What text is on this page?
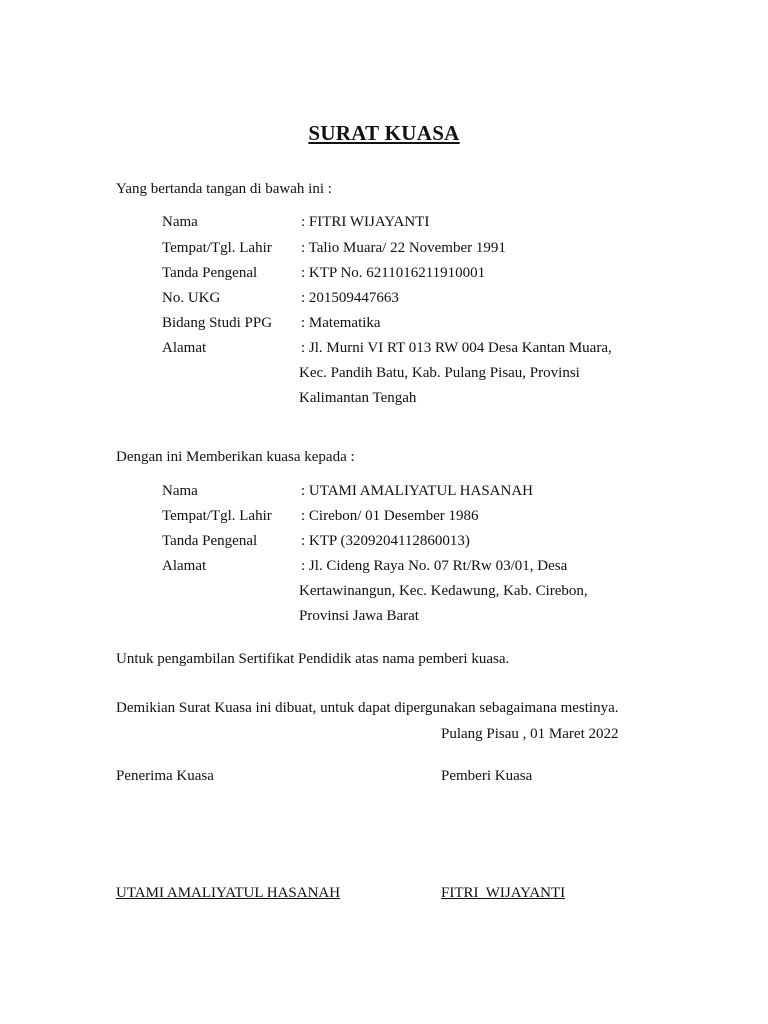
SURAT KUASA
Yang bertanda tangan di bawah ini :
Nama	: FITRI WIJAYANTI
Tempat/Tgl. Lahir : Talio Muara/ 22 November 1991
Tanda Pengenal	: KTP No. 6211016211910001
No. UKG	: 201509447663
Bidang Studi PPG : Matematika
Alamat	: Jl. Murni VI RT 013 RW 004 Desa Kantan Muara,
Kec. Pandih Batu, Kab. Pulang Pisau, Provinsi
Kalimantan Tengah
Dengan ini Memberikan kuasa kepada :
Nama	: UTAMI AMALIYATUL HASANAH
Tempat/Tgl. Lahir : Cirebon/ 01 Desember 1986
Tanda Pengenal	: KTP (3209204112860013)
Alamat	: Jl. Cideng Raya No. 07 Rt/Rw 03/01, Desa
Kertawinangun, Kec. Kedawung, Kab. Cirebon,
Provinsi Jawa Barat
Untuk pengambilan Sertifikat Pendidik atas nama pemberi kuasa.
Demikian Surat Kuasa ini dibuat, untuk dapat dipergunakan sebagaimana mestinya.
Pulang Pisau , 01 Maret 2022
Penerima Kuasa	Pemberi Kuasa
UTAMI AMALIYATUL HASANAH	FITRI  WIJAYANTI
